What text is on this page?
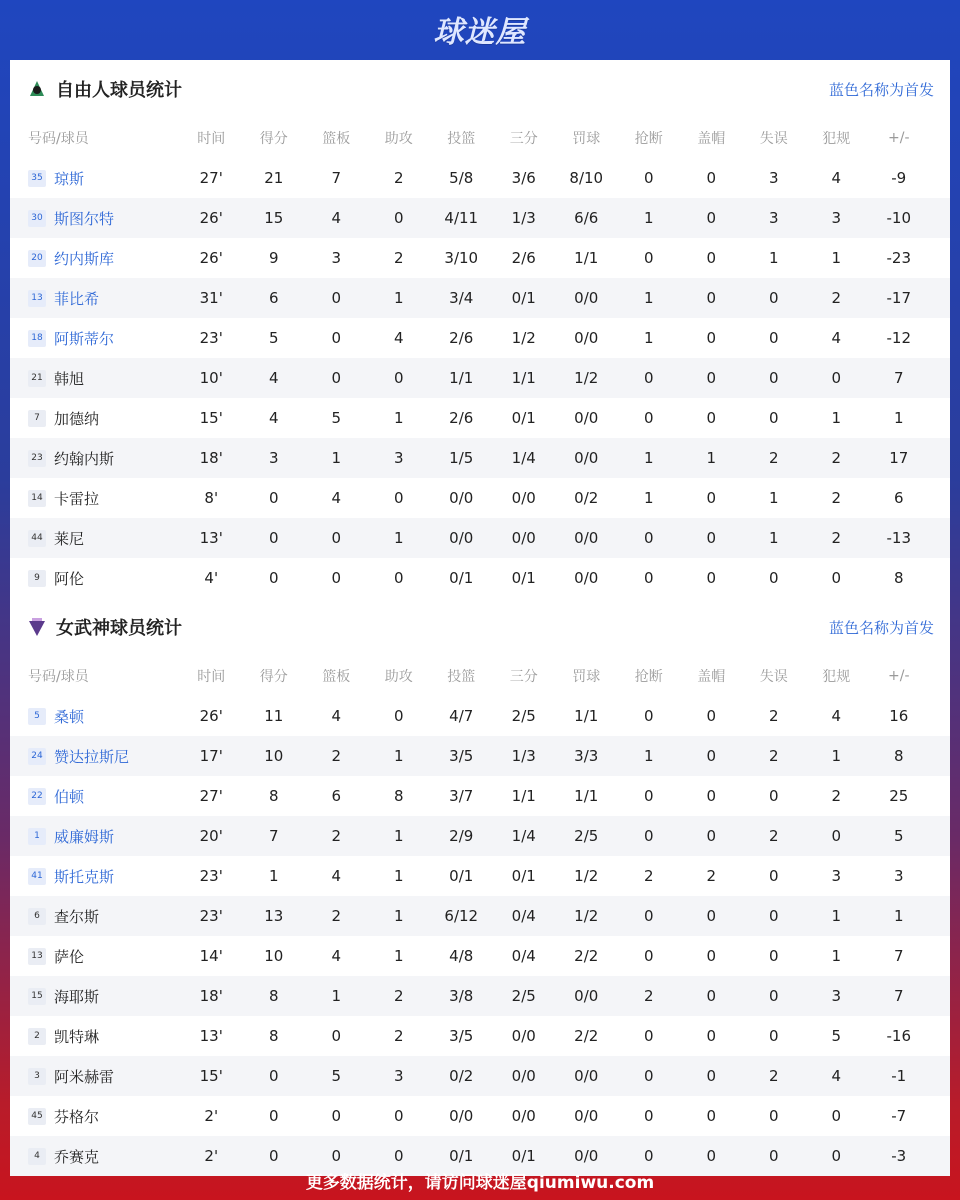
球迷屋
自由人球员统计	蓝色名称为首发
号码/球员	时间	得分	篮板	助攻	投篮	三分	罚球	抢断	盖帽	失误	犯规	+/-
35 琼斯	27'	21	7	2	5/8	3/6	8/10	0	0	3	4	-9
30 斯图尔特	26'	15	4	0	4/11	1/3	6/6	1	0	3	3	-10
20 约内斯库	26'	9	3	2	3/10	2/6	1/1	0	0	1	1	-23
13 菲比希	31'	6	0	1	3/4	0/1	0/0	1	0	0	2	-17
18 阿斯蒂尔	23'	5	0	4	2/6	1/2	0/0	1	0	0	4	-12
21 韩旭	10'	4	0	0	1/1	1/1	1/2	0	0	0	0	7
7 加德纳	15'	4	5	1	2/6	0/1	0/0	0	0	0	1	1
23 约翰内斯	18'	3	1	3	1/5	1/4	0/0	1	1	2	2	17
14 卡雷拉	8'	0	4	0	0/0	0/0	0/2	1	0	1	2	6
44 莱尼	13'	0	0	1	0/0	0/0	0/0	0	0	1	2	-13
9 阿伦	4'	0	0	0	0/1	0/1	0/0	0	0	0	0	8
女武神球员统计	蓝色名称为首发
号码/球员	时间	得分	篮板	助攻	投篮	三分	罚球	抢断	盖帽	失误	犯规	+/-
5 桑顿	26'	11	4	0	4/7	2/5	1/1	0	0	2	4	16
24 赞达拉斯尼	17'	10	2	1	3/5	1/3	3/3	1	0	2	1	8
22 伯顿	27'	8	6	8	3/7	1/1	1/1	0	0	0	2	25
1 威廉姆斯	20'	7	2	1	2/9	1/4	2/5	0	0	2	0	5
41 斯托克斯	23'	1	4	1	0/1	0/1	1/2	2	2	0	3	3
6 查尔斯	23'	13	2	1	6/12	0/4	1/2	0	0	0	1	1
13 萨伦	14'	10	4	1	4/8	0/4	2/2	0	0	0	1	7
15 海耶斯	18'	8	1	2	3/8	2/5	0/0	2	0	0	3	7
2 凯特琳	13'	8	0	2	3/5	0/0	2/2	0	0	0	5	-16
3 阿米赫雷	15'	0	5	3	0/2	0/0	0/0	0	0	2	4	-1
45 芬格尔	2'	0	0	0	0/0	0/0	0/0	0	0	0	0	-7
4 乔赛克	2'	0	0	0	0/1	0/1	0/0	0	0	0	0	-3
更多数据统计，请访问球迷屋qiumiwu.com
